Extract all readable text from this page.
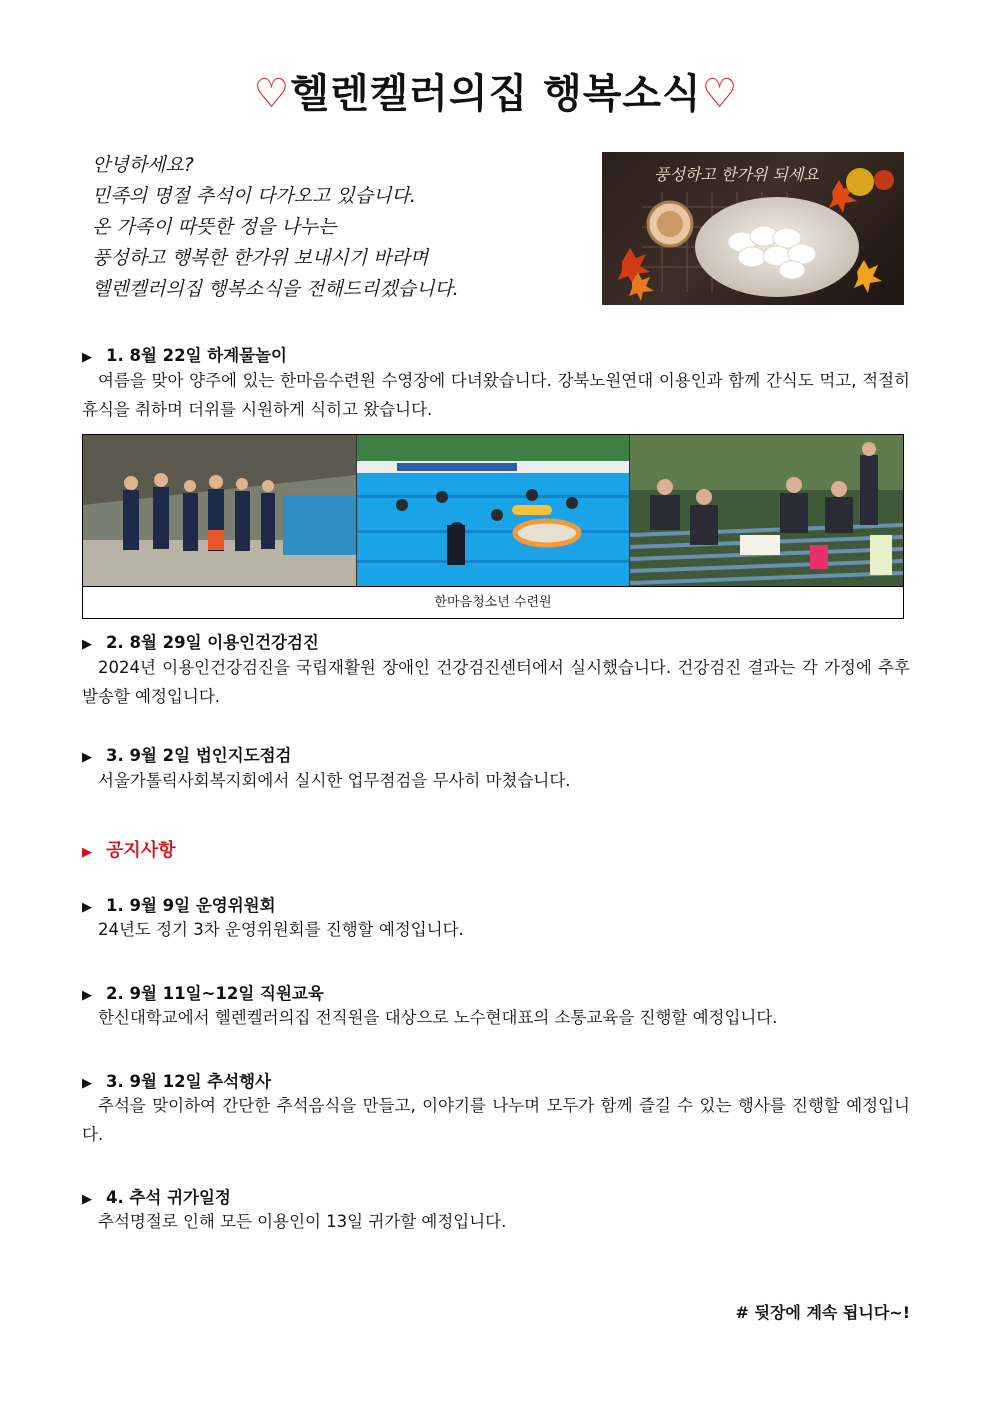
♡헬렌켈러의집 행복소식♡
안녕하세요?
민족의 명절 추석이 다가오고 있습니다.
온 가족이 따뜻한 정을 나누는
풍성하고 행복한 한가위 보내시기 바라며
헬렌켈러의집 행복소식을 전해드리겠습니다.
풍성하고 한가위 되세요
▶ 1. 8월 22일 하계물놀이
여름을 맞아 양주에 있는 한마음수련원 수영장에 다녀왔습니다. 강북노원연대 이용인과 함께 간식도 먹고, 적절히 휴식을 취하며 더위를 시원하게 식히고 왔습니다.
한마음청소년 수련원
▶ 2. 8월 29일 이용인건강검진
2024년 이용인건강검진을 국립재활원 장애인 건강검진센터에서 실시했습니다. 건강검진 결과는 각 가정에 추후 발송할 예정입니다.
▶ 3. 9월 2일 법인지도점검
서울가톨릭사회복지회에서 실시한 업무점검을 무사히 마쳤습니다.
▶ 공지사항
▶ 1. 9월 9일 운영위원회
24년도 정기 3차 운영위원회를 진행할 예정입니다.
▶ 2. 9월 11일~12일 직원교육
한신대학교에서 헬렌켈러의집 전직원을 대상으로 노수현대표의 소통교육을 진행할 예정입니다.
▶ 3. 9월 12일 추석행사
추석을 맞이하여 간단한 추석음식을 만들고, 이야기를 나누며 모두가 함께 즐길 수 있는 행사를 진행할 예정입니다.
▶ 4. 추석 귀가일정
추석명절로 인해 모든 이용인이 13일 귀가할 예정입니다.
# 뒷장에 계속 됩니다~!
